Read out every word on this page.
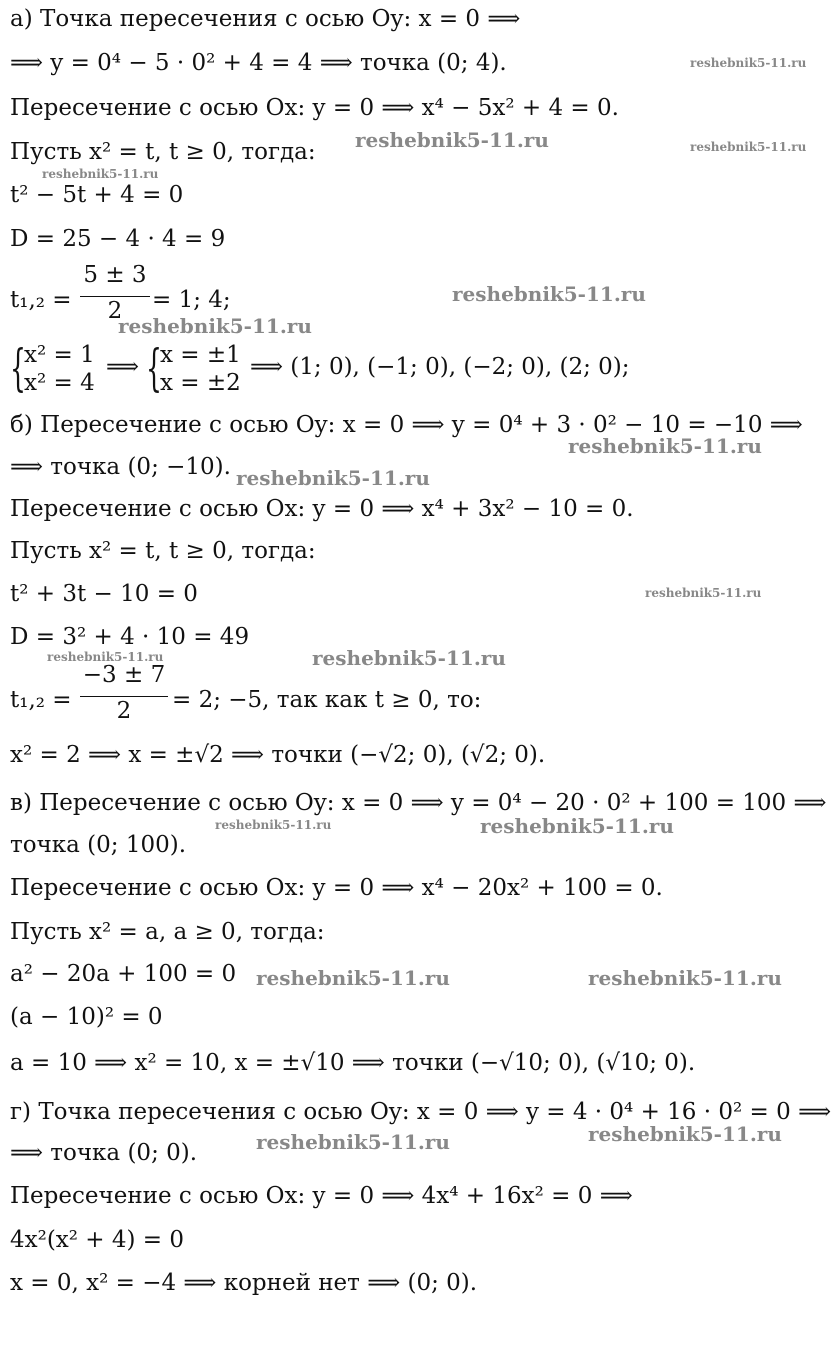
а) Точка пересечения с осью Oy: x = 0 ⟹
⟹ y = 0⁴ − 5 · 0² + 4 = 4 ⟹ точка (0; 4).
Пересечение с осью Ox: y = 0 ⟹ x⁴ − 5x² + 4 = 0.
Пусть x² = t, t ≥ 0, тогда:
t² − 5t + 4 = 0
D = 25 − 4 · 4 = 9
t₁,₂ =
5 ± 3
2	= 1; 4;
{
x² = 1
x² = 4
⟹ {
x = ±1
x = ±2
⟹ (1; 0), (−1; 0), (−2; 0), (2; 0);
б) Пересечение с осью Oy: x = 0 ⟹ y = 0⁴ + 3 · 0² − 10 = −10 ⟹
⟹ точка (0; −10).
Пересечение с осью Ox: y = 0 ⟹ x⁴ + 3x² − 10 = 0.
Пусть x² = t, t ≥ 0, тогда:
t² + 3t − 10 = 0
D = 3² + 4 · 10 = 49
t₁,₂ =
−3 ± 7
2	= 2; −5, так как t ≥ 0, то:
x² = 2 ⟹ x = ±√2 ⟹ точки (−√2; 0), (√2; 0).
в) Пересечение с осью Oy: x = 0 ⟹ y = 0⁴ − 20 · 0² + 100 = 100 ⟹
точка (0; 100).
Пересечение с осью Ox: y = 0 ⟹ x⁴ − 20x² + 100 = 0.
Пусть x² = a, a ≥ 0, тогда:
a² − 20a + 100 = 0
(a − 10)² = 0
a = 10 ⟹ x² = 10, x = ±√10 ⟹ точки (−√10; 0), (√10; 0).
г) Точка пересечения с осью Oy: x = 0 ⟹ y = 4 · 0⁴ + 16 · 0² = 0 ⟹
⟹ точка (0; 0).
Пересечение с осью Ox: y = 0 ⟹ 4x⁴ + 16x² = 0 ⟹
4x²(x² + 4) = 0
x = 0, x² = −4 ⟹ корней нет ⟹ (0; 0).
reshebnik5-11.ru
reshebnik5-11.ru	reshebnik5-11.ru
reshebnik5-11.ru
reshebnik5-11.ru
reshebnik5-11.ru
reshebnik5-11.ru
reshebnik5-11.ru
reshebnik5-11.ru
reshebnik5-11.ru	reshebnik5-11.ru
reshebnik5-11.ru	reshebnik5-11.ru
reshebnik5-11.ru	reshebnik5-11.ru
reshebnik5-11.ru	reshebnik5-11.ru
